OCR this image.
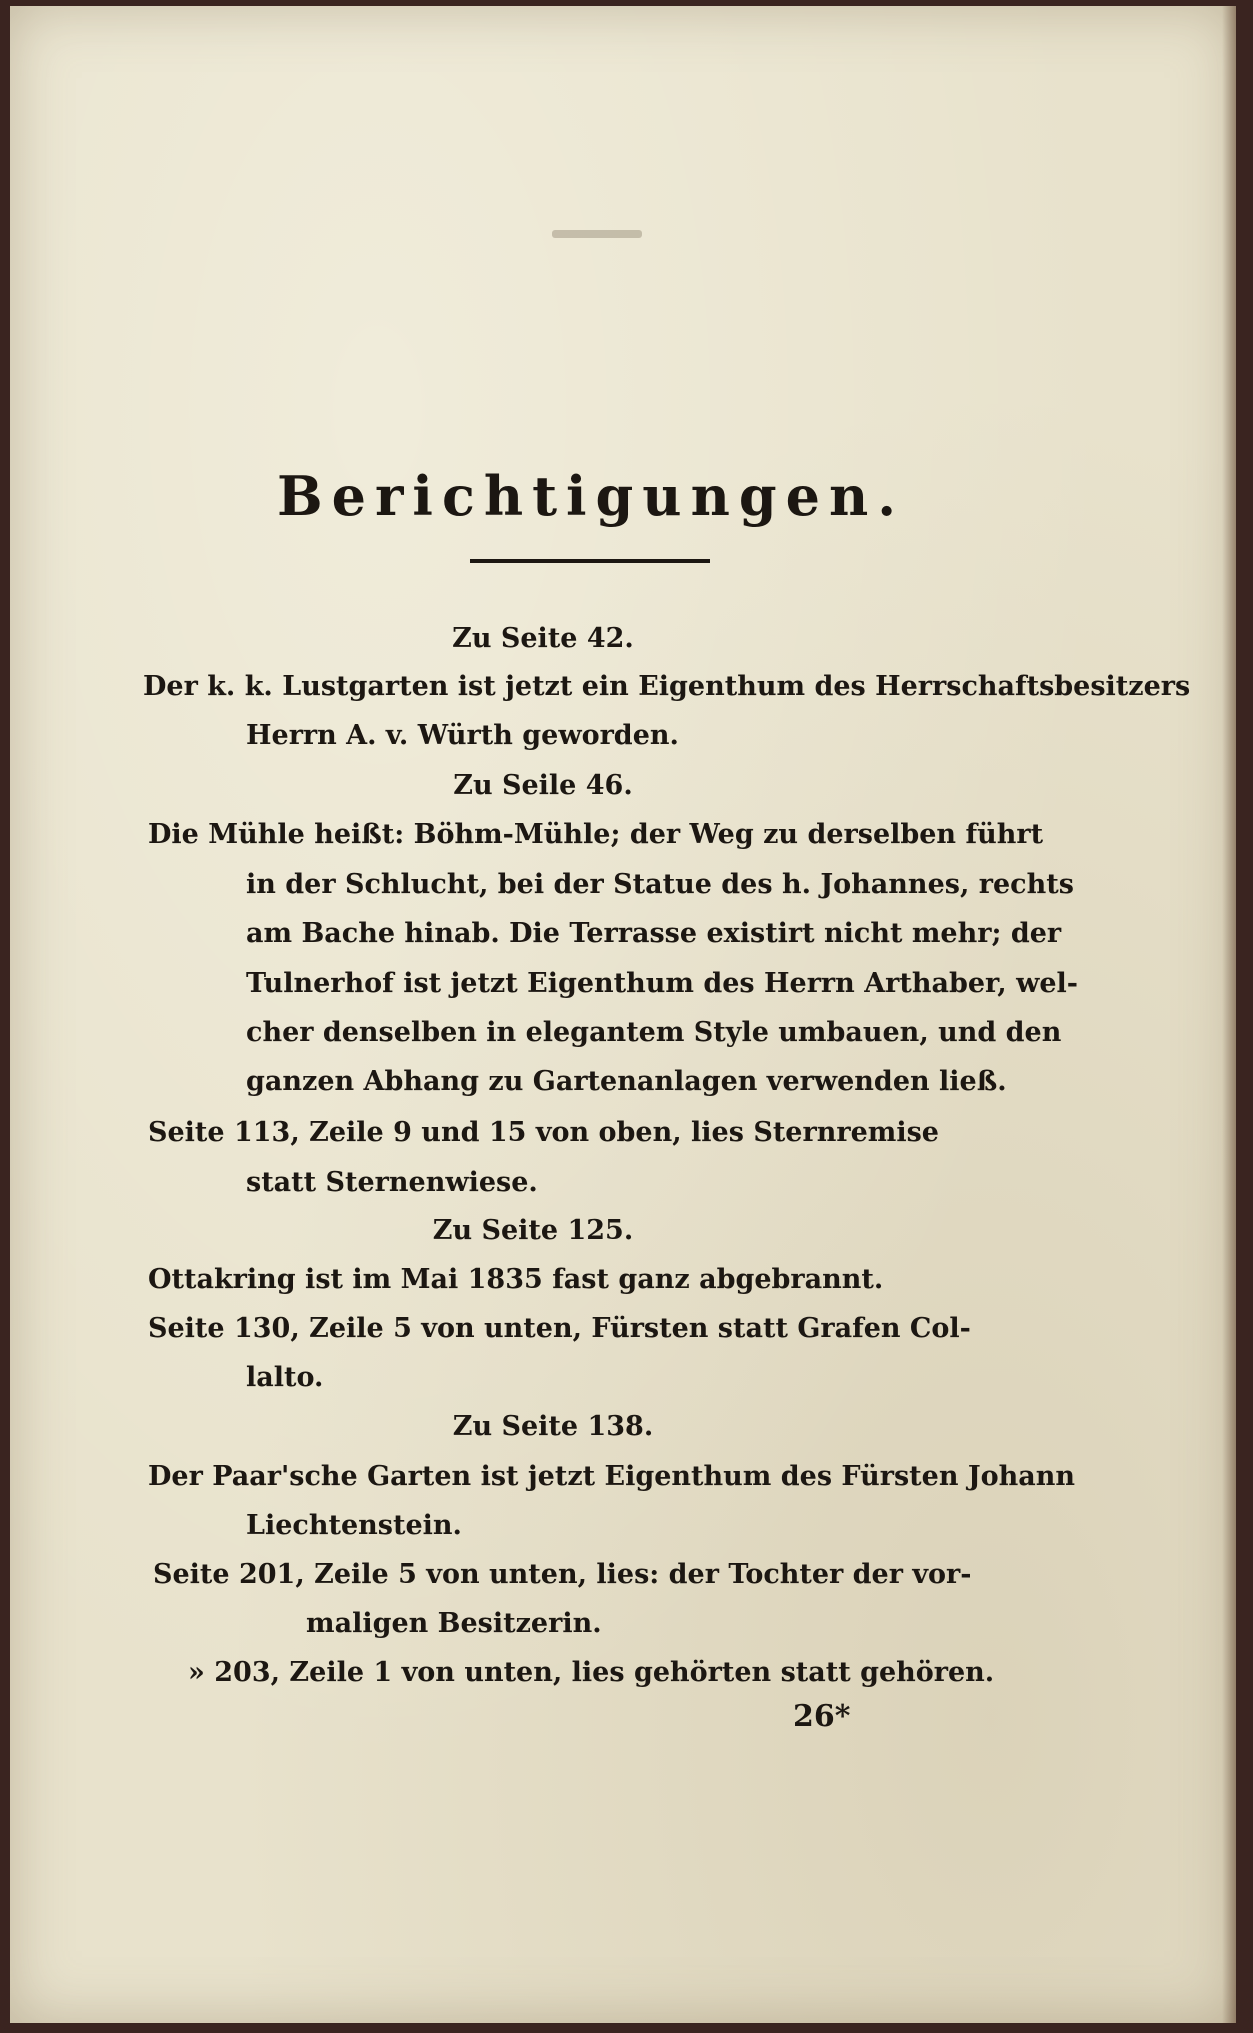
Berichtigungen.
Zu Seite 42.
Der k. k. Lustgarten ist jetzt ein Eigenthum des Herrschaftsbesitzers
Herrn A. v. Würth geworden.
Zu Seile 46.
Die Mühle heißt: Böhm-Mühle; der Weg zu derselben führt
in der Schlucht, bei der Statue des h. Johannes, rechts
am Bache hinab. Die Terrasse existirt nicht mehr; der
Tulnerhof ist jetzt Eigenthum des Herrn Arthaber, wel-
cher denselben in elegantem Style umbauen, und den
ganzen Abhang zu Gartenanlagen verwenden ließ.
Seite 113, Zeile 9 und 15 von oben, lies Sternremise
statt Sternenwiese.
Zu Seite 125.
Ottakring ist im Mai 1835 fast ganz abgebrannt.
Seite 130, Zeile 5 von unten, Fürsten statt Grafen Col-
lalto.
Zu Seite 138.
Der Paar'sche Garten ist jetzt Eigenthum des Fürsten Johann
Liechtenstein.
Seite 201, Zeile 5 von unten, lies: der Tochter der vor-
maligen Besitzerin.
» 203, Zeile 1 von unten, lies gehörten statt gehören.
26*
